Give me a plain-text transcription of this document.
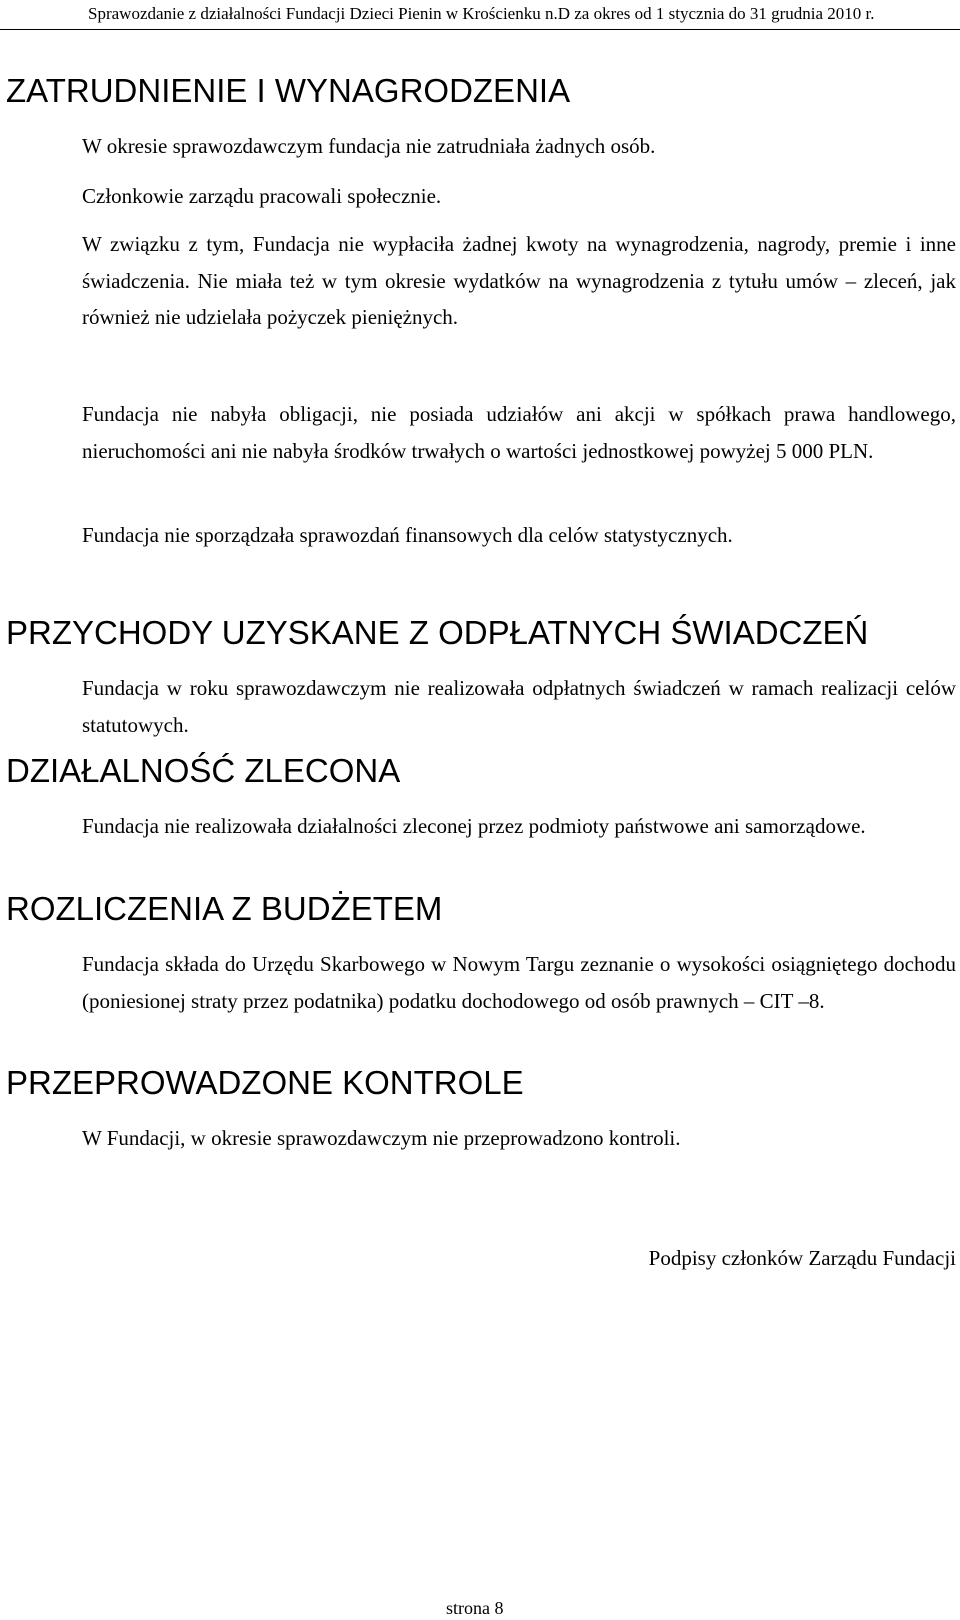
Sprawozdanie z działalności Fundacji Dzieci Pienin w Krościenku n.D za okres od 1 stycznia do 31 grudnia 2010 r.
ZATRUDNIENIE I WYNAGRODZENIA

W okresie sprawozdawczym fundacja nie zatrudniała żadnych osób.

Członkowie zarządu pracowali społecznie.

W związku z tym, Fundacja nie wypłaciła żadnej kwoty na wynagrodzenia, nagrody, premie i inne świadczenia. Nie miała też w tym okresie wydatków na wynagrodzenia z tytułu umów – zleceń, jak również nie udzielała pożyczek pieniężnych.

Fundacja nie nabyła obligacji, nie posiada udziałów ani akcji w spółkach prawa handlowego, nieruchomości ani nie nabyła środków trwałych o wartości jednostkowej powyżej 5 000 PLN.

Fundacja nie sporządzała sprawozdań finansowych dla celów statystycznych.

PRZYCHODY UZYSKANE Z ODPŁATNYCH ŚWIADCZEŃ

Fundacja w roku sprawozdawczym nie realizowała odpłatnych świadczeń w ramach realizacji celów statutowych.

DZIAŁALNOŚĆ ZLECONA

Fundacja nie realizowała działalności zleconej przez podmioty państwowe ani samorządowe.

ROZLICZENIA Z BUDŻETEM

Fundacja składa do Urzędu Skarbowego w Nowym Targu zeznanie o wysokości osiągniętego dochodu (poniesionej straty przez podatnika) podatku dochodowego od osób prawnych – CIT –8.

PRZEPROWADZONE KONTROLE

W Fundacji, w okresie sprawozdawczym nie przeprowadzono kontroli.

Podpisy członków Zarządu Fundacji
strona 8
